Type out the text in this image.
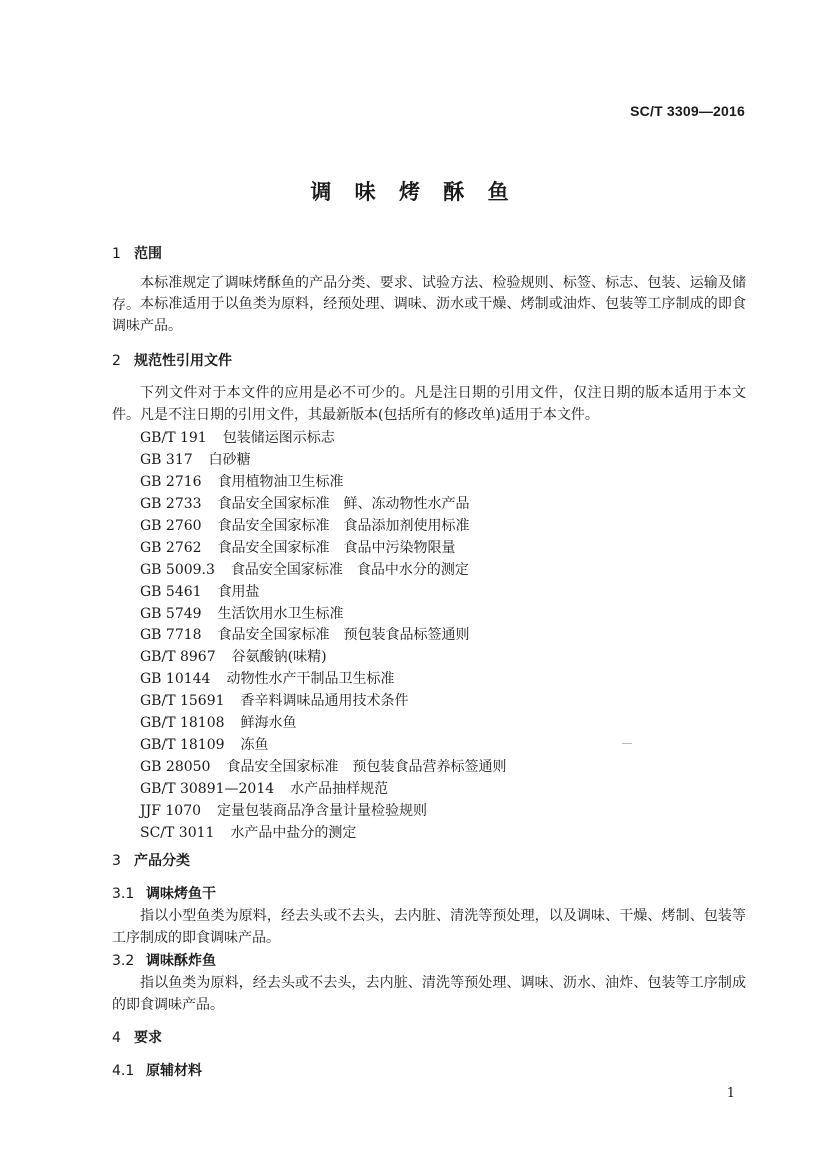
SC/T 3309—2016
调 味 烤 酥 鱼
1 范围
本标准规定了调味烤酥鱼的产品分类、要求、试验方法、检验规则、标签、标志、包装、运输及储存。 本标准适用于以鱼类为原料，经预处理、调味、沥水或干燥、烤制或油炸、包装等工序制成的即食调味产品。
2 规范性引用文件
下列文件对于本文件的应用是必不可少的。凡是注日期的引用文件，仅注日期的版本适用于本文件。凡是不注日期的引用文件，其最新版本(包括所有的修改单)适用于本文件。
GB/T 191 包装储运图示标志
GB 317 白砂糖
GB 2716 食用植物油卫生标准
GB 2733 食品安全国家标准　鲜、冻动物性水产品
GB 2760 食品安全国家标准　食品添加剂使用标准
GB 2762 食品安全国家标准　食品中污染物限量
GB 5009.3 食品安全国家标准　食品中水分的测定
GB 5461 食用盐
GB 5749 生活饮用水卫生标准
GB 7718 食品安全国家标准　预包装食品标签通则
GB/T 8967 谷氨酸钠(味精)
GB 10144 动物性水产干制品卫生标准
GB/T 15691 香辛料调味品通用技术条件
GB/T 18108 鲜海水鱼
GB/T 18109 冻鱼
GB 28050 食品安全国家标准　预包装食品营养标签通则
GB/T 30891—2014 水产品抽样规范
JJF 1070 定量包装商品净含量计量检验规则
SC/T 3011 水产品中盐分的测定
3 产品分类
3.1 调味烤鱼干
指以小型鱼类为原料，经去头或不去头，去内脏、清洗等预处理，以及调味、干燥、烤制、包装等工序制成的即食调味产品。
3.2 调味酥炸鱼
指以鱼类为原料，经去头或不去头，去内脏、清洗等预处理、调味、沥水、油炸、包装等工序制成的即食调味产品。
4 要求
4.1 原辅材料
1
